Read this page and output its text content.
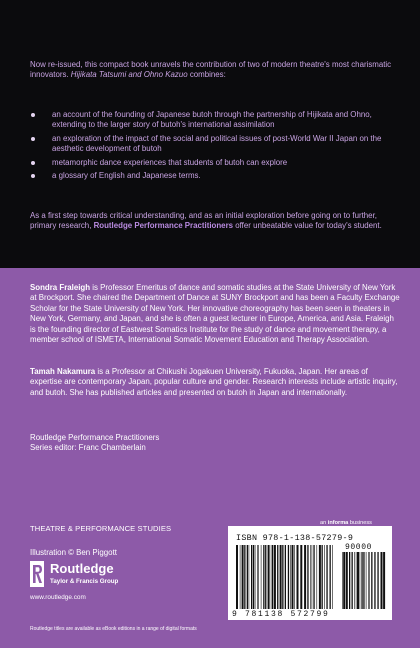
Now re-issued, this compact book unravels the contribution of two of modern theatre's most charismatic innovators. Hijikata Tatsumi and Ohno Kazuo combines:

an account of the founding of Japanese butoh through the partnership of Hijikata and Ohno, extending to the larger story of butoh's international assimilation
an exploration of the impact of the social and political issues of post-World War II Japan on the aesthetic development of butoh
metamorphic dance experiences that students of butoh can explore
a glossary of English and Japanese terms.

As a first step towards critical understanding, and as an initial exploration before going on to further, primary research, Routledge Performance Practitioners offer unbeatable value for today's student.

Sondra Fraleigh is Professor Emeritus of dance and somatic studies at the State University of New York at Brockport. She chaired the Department of Dance at SUNY Brockport and has been a Faculty Exchange Scholar for the State University of New York. Her innovative choreography has been seen in theaters in New York, Germany, and Japan, and she is often a guest lecturer in Europe, America, and Asia. Fraleigh is the founding director of Eastwest Somatics Institute for the study of dance and movement therapy, a member school of ISMETA, International Somatic Movement Education and Therapy Association.

Tamah Nakamura is a Professor at Chikushi Jogakuen University, Fukuoka, Japan. Her areas of expertise are contemporary Japan, popular culture and gender. Research interests include artistic inquiry, and butoh. She has published articles and presented on butoh in Japan and internationally.

Routledge Performance Practitioners

Series editor: Franc Chamberlain

THEATRE & PERFORMANCE STUDIES
Illustration © Ben Piggott
Routledge
Taylor & Francis Group
www.routledge.com
Routledge titles are available as eBook editions in a range of digital formats
an informa business
ISBN 978-1-138-57279-9
90000
9 781138 572799
